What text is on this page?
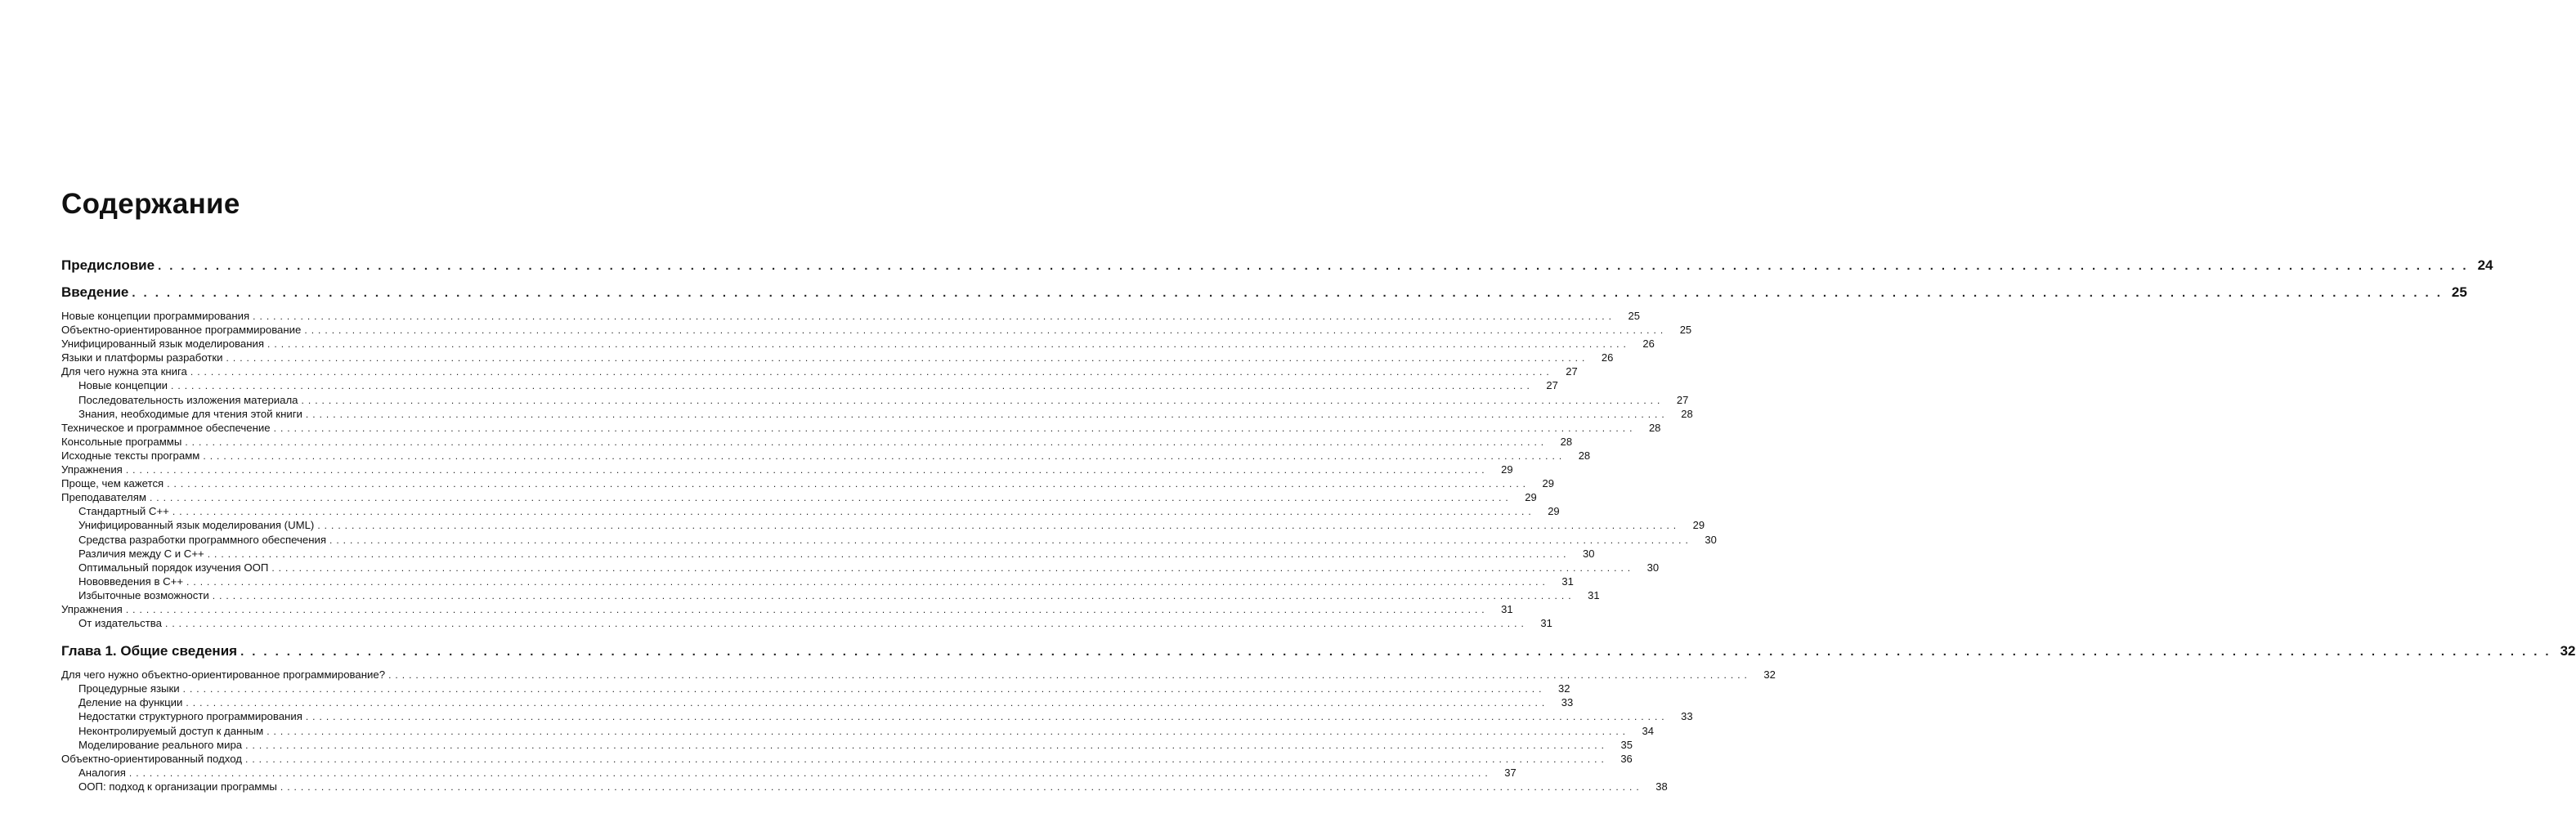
Содержание
Предисловие ........................................................................................................................................................................................................ 24
Введение ........................................................................................................................................................................................................ 25
Новые концепции программирования ........................................................................................................................................................................................................	25
Объектно-ориентированное программирование ........................................................................................................................................................................................................	25
Унифицированный язык моделирования ........................................................................................................................................................................................................	26
Языки и платформы разработки ........................................................................................................................................................................................................	26
Для чего нужна эта книга ........................................................................................................................................................................................................	27
Новые концепции ........................................................................................................................................................................................................	27
Последовательность изложения материала ........................................................................................................................................................................................................	27
Знания, необходимые для чтения этой книги ........................................................................................................................................................................................................	28
Техническое и программное обеспечение ........................................................................................................................................................................................................	28
Консольные программы ........................................................................................................................................................................................................	28
Исходные тексты программ ........................................................................................................................................................................................................	28
Упражнения ........................................................................................................................................................................................................	29
Проще, чем кажется ........................................................................................................................................................................................................	29
Преподавателям ........................................................................................................................................................................................................	29
Стандартный C++ ........................................................................................................................................................................................................	29
Унифицированный язык моделирования (UML) ........................................................................................................................................................................................................	29
Средства разработки программного обеспечения ........................................................................................................................................................................................................	30
Различия между C и C++ ........................................................................................................................................................................................................	30
Оптимальный порядок изучения ООП ........................................................................................................................................................................................................	30
Нововведения в C++ ........................................................................................................................................................................................................	31
Избыточные возможности ........................................................................................................................................................................................................	31
Упражнения ........................................................................................................................................................................................................	31
От издательства ........................................................................................................................................................................................................	31
Глава 1. Общие сведения ........................................................................................................................................................................................................ 32
Для чего нужно объектно-ориентированное программирование? ........................................................................................................................................................................................................	32
Процедурные языки ........................................................................................................................................................................................................	32
Деление на функции ........................................................................................................................................................................................................	33
Недостатки структурного программирования ........................................................................................................................................................................................................	33
Неконтролируемый доступ к данным ........................................................................................................................................................................................................	34
Моделирование реального мира ........................................................................................................................................................................................................	35
Объектно-ориентированный подход ........................................................................................................................................................................................................	36
Аналогия ........................................................................................................................................................................................................	37
ООП: подход к организации программы ........................................................................................................................................................................................................	38
